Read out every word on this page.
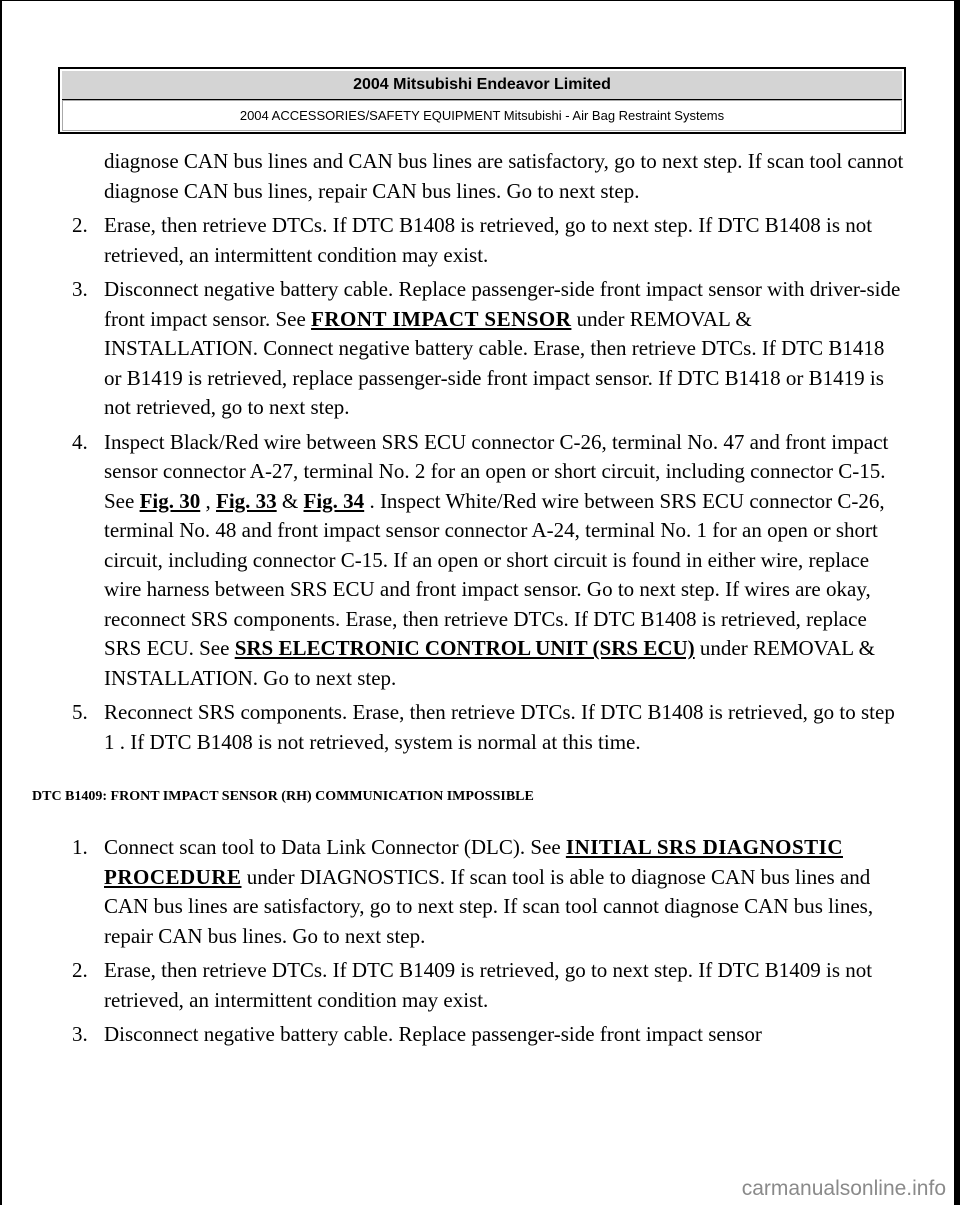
2004 Mitsubishi Endeavor Limited
2004 ACCESSORIES/SAFETY EQUIPMENT Mitsubishi - Air Bag Restraint Systems

diagnose CAN bus lines and CAN bus lines are satisfactory, go to next step. If scan tool cannot diagnose CAN bus lines, repair CAN bus lines. Go to next step.

2. Erase, then retrieve DTCs. If DTC B1408 is retrieved, go to next step. If DTC B1408 is not retrieved, an intermittent condition may exist.
3. Disconnect negative battery cable. Replace passenger-side front impact sensor with driver-side front impact sensor. See FRONT IMPACT SENSOR under REMOVAL & INSTALLATION. Connect negative battery cable. Erase, then retrieve DTCs. If DTC B1418 or B1419 is retrieved, replace passenger-side front impact sensor. If DTC B1418 or B1419 is not retrieved, go to next step.
4. Inspect Black/Red wire between SRS ECU connector C-26, terminal No. 47 and front impact sensor connector A-27, terminal No. 2 for an open or short circuit, including connector C-15. See Fig. 30 , Fig. 33 & Fig. 34 . Inspect White/Red wire between SRS ECU connector C-26, terminal No. 48 and front impact sensor connector A-24, terminal No. 1 for an open or short circuit, including connector C-15. If an open or short circuit is found in either wire, replace wire harness between SRS ECU and front impact sensor. Go to next step. If wires are okay, reconnect SRS components. Erase, then retrieve DTCs. If DTC B1408 is retrieved, replace SRS ECU. See SRS ELECTRONIC CONTROL UNIT (SRS ECU) under REMOVAL & INSTALLATION. Go to next step.
5. Reconnect SRS components. Erase, then retrieve DTCs. If DTC B1408 is retrieved, go to step 1 . If DTC B1408 is not retrieved, system is normal at this time.
DTC B1409: FRONT IMPACT SENSOR (RH) COMMUNICATION IMPOSSIBLE
1. Connect scan tool to Data Link Connector (DLC). See INITIAL SRS DIAGNOSTIC PROCEDURE under DIAGNOSTICS. If scan tool is able to diagnose CAN bus lines and CAN bus lines are satisfactory, go to next step. If scan tool cannot diagnose CAN bus lines, repair CAN bus lines. Go to next step.
2. Erase, then retrieve DTCs. If DTC B1409 is retrieved, go to next step. If DTC B1409 is not retrieved, an intermittent condition may exist.
3. Disconnect negative battery cable. Replace passenger-side front impact sensor
carmanualsonline.info
